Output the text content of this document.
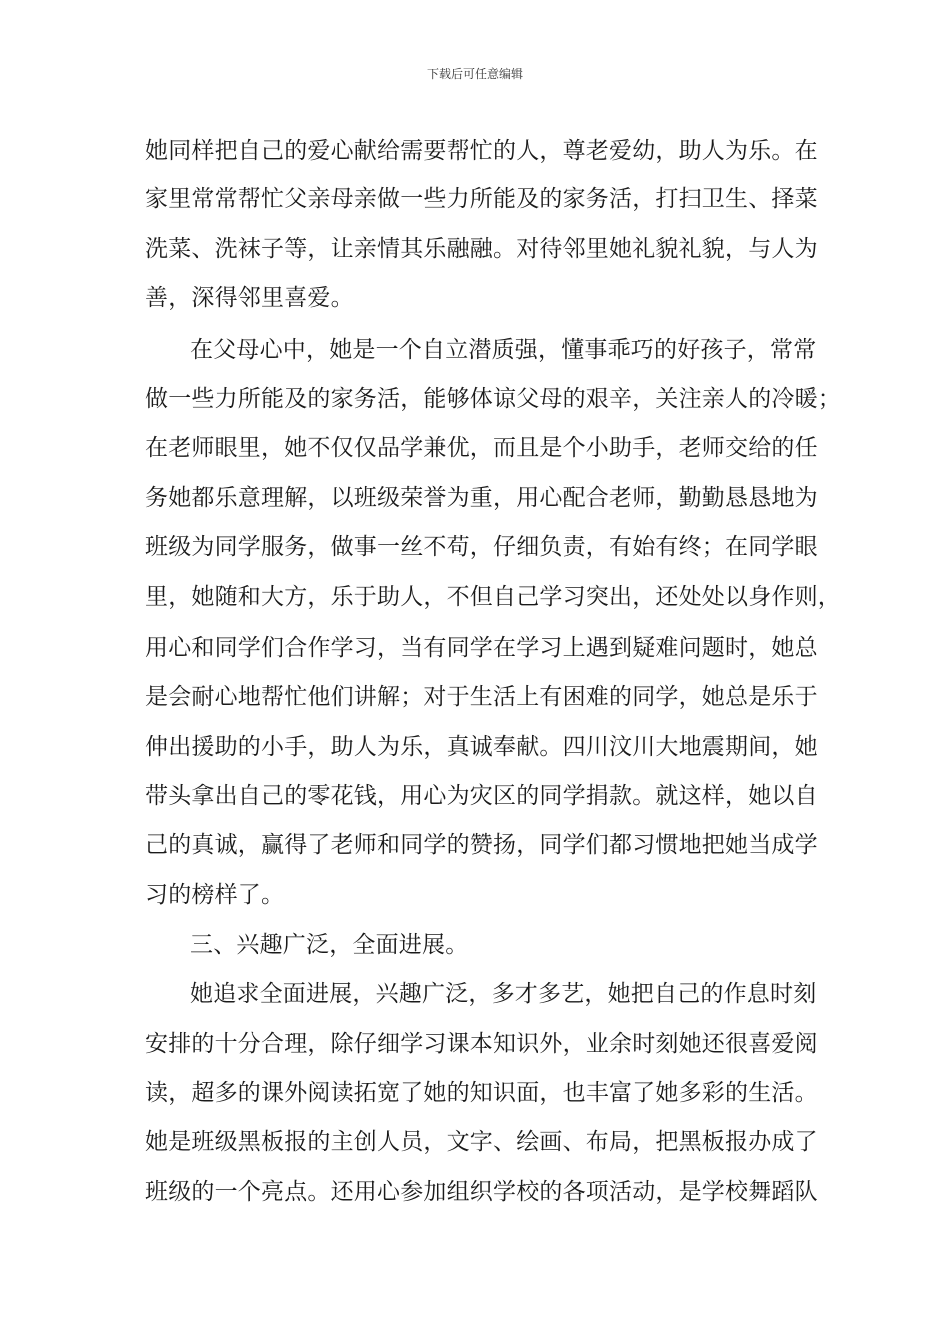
下载后可任意编辑
她同样把自己的爱心献给需要帮忙的人，尊老爱幼，助人为乐。在
家里常常帮忙父亲母亲做一些力所能及的家务活，打扫卫生、择菜
洗菜、洗袜子等，让亲情其乐融融。对待邻里她礼貌礼貌，与人为
善，深得邻里喜爱。
在父母心中，她是一个自立潜质强，懂事乖巧的好孩子，常常
做一些力所能及的家务活，能够体谅父母的艰辛，关注亲人的冷暖；
在老师眼里，她不仅仅品学兼优，而且是个小助手，老师交给的任
务她都乐意理解，以班级荣誉为重，用心配合老师，勤勤恳恳地为
班级为同学服务，做事一丝不苟，仔细负责，有始有终；在同学眼
里，她随和大方，乐于助人，不但自己学习突出，还处处以身作则，
用心和同学们合作学习，当有同学在学习上遇到疑难问题时，她总
是会耐心地帮忙他们讲解；对于生活上有困难的同学，她总是乐于
伸出援助的小手，助人为乐，真诚奉献。四川汶川大地震期间，她
带头拿出自己的零花钱，用心为灾区的同学捐款。就这样，她以自
己的真诚，赢得了老师和同学的赞扬，同学们都习惯地把她当成学
习的榜样了。
三、兴趣广泛，全面进展。
她追求全面进展，兴趣广泛，多才多艺，她把自己的作息时刻
安排的十分合理，除仔细学习课本知识外，业余时刻她还很喜爱阅
读，超多的课外阅读拓宽了她的知识面，也丰富了她多彩的生活。
她是班级黑板报的主创人员，文字、绘画、布局，把黑板报办成了
班级的一个亮点。还用心参加组织学校的各项活动，是学校舞蹈队
